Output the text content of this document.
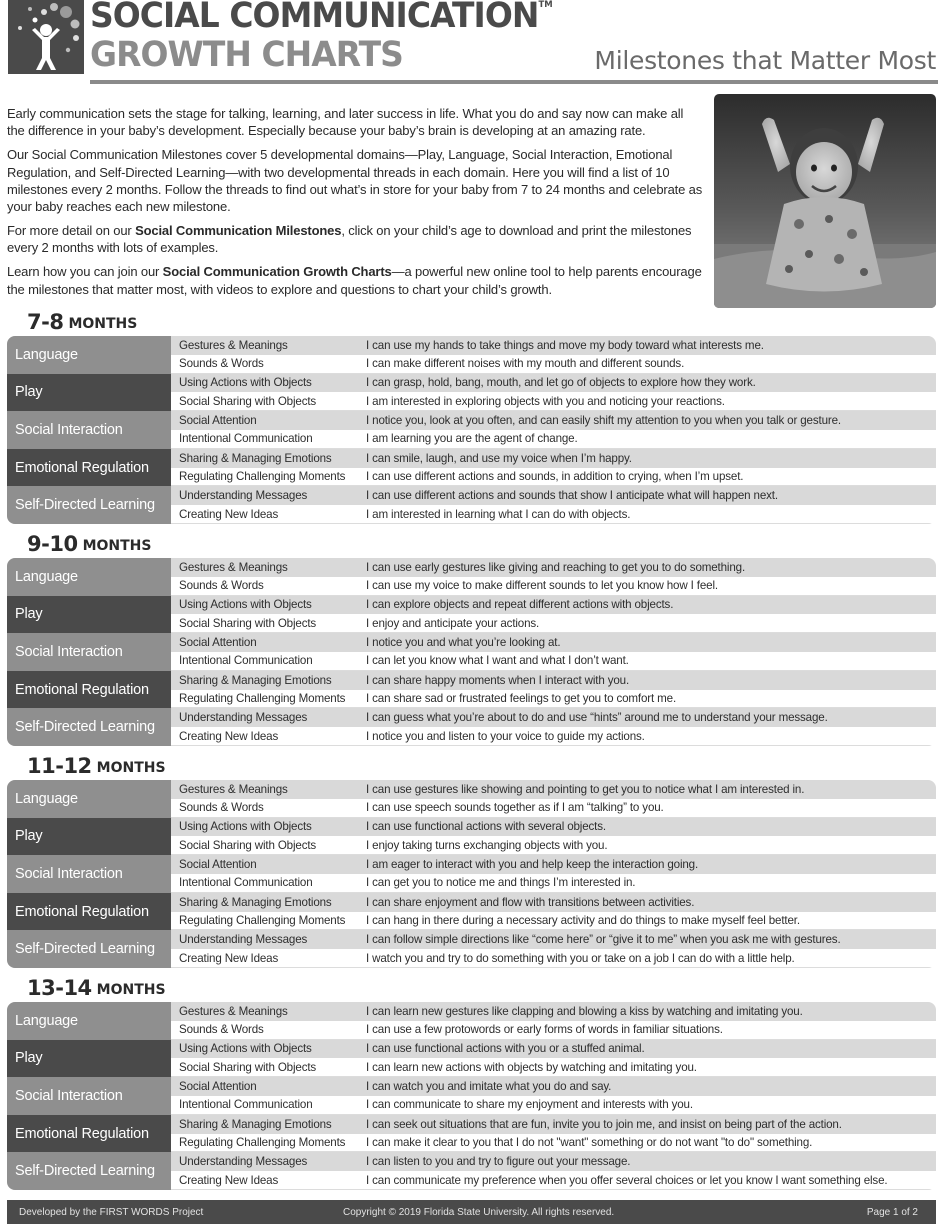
SOCIAL COMMUNICATION™
GROWTH CHARTS	Milestones that Matter Most

Early communication sets the stage for talking, learning, and later success in life. What you do and say now can make all the difference in your baby’s development. Especially because your baby’s brain is developing at an amazing rate.

Our Social Communication Milestones cover 5 developmental domains—Play, Language, Social Interaction, Emotional Regulation, and Self-Directed Learning—with two developmental threads in each domain. Here you will find a list of 10 milestones every 2 months. Follow the threads to find out what’s in store for your baby from 7 to 24 months and celebrate as your baby reaches each new milestone.

For more detail on our Social Communication Milestones, click on your child’s age to download and print the milestones every 2 months with lots of examples.

Learn how you can join our Social Communication Growth Charts—a powerful new online tool to help parents encourage the milestones that matter most, with videos to explore and questions to chart your child’s growth.

7-8 MONTHS
Language
Gestures & Meanings	I can use my hands to take things and move my body toward what interests me.
Sounds & Words	I can make different noises with my mouth and different sounds.
Play
Using Actions with Objects	I can grasp, hold, bang, mouth, and let go of objects to explore how they work.
Social Sharing with Objects	I am interested in exploring objects with you and noticing your reactions.
Social Interaction
Social Attention	I notice you, look at you often, and can easily shift my attention to you when you talk or gesture.
Intentional Communication	I am learning you are the agent of change.
Emotional Regulation
Sharing & Managing Emotions	I can smile, laugh, and use my voice when I’m happy.
Regulating Challenging Moments	I can use different actions and sounds, in addition to crying, when I’m upset.
Self-Directed Learning
Understanding Messages	I can use different actions and sounds that show I anticipate what will happen next.
Creating New Ideas	I am interested in learning what I can do with objects.
9-10 MONTHS
Language
Gestures & Meanings	I can use early gestures like giving and reaching to get you to do something.
Sounds & Words	I can use my voice to make different sounds to let you know how I feel.
Play
Using Actions with Objects	I can explore objects and repeat different actions with objects.
Social Sharing with Objects	I enjoy and anticipate your actions.
Social Interaction
Social Attention	I notice you and what you’re looking at.
Intentional Communication	I can let you know what I want and what I don’t want.
Emotional Regulation
Sharing & Managing Emotions	I can share happy moments when I interact with you.
Regulating Challenging Moments	I can share sad or frustrated feelings to get you to comfort me.
Self-Directed Learning
Understanding Messages	I can guess what you’re about to do and use “hints” around me to understand your message.
Creating New Ideas	I notice you and listen to your voice to guide my actions.
11-12 MONTHS
Language
Gestures & Meanings	I can use gestures like showing and pointing to get you to notice what I am interested in.
Sounds & Words	I can use speech sounds together as if I am “talking” to you.
Play
Using Actions with Objects	I can use functional actions with several objects.
Social Sharing with Objects	I enjoy taking turns exchanging objects with you.
Social Interaction
Social Attention	I am eager to interact with you and help keep the interaction going.
Intentional Communication	I can get you to notice me and things I’m interested in.
Emotional Regulation
Sharing & Managing Emotions	I can share enjoyment and flow with transitions between activities.
Regulating Challenging Moments	I can hang in there during a necessary activity and do things to make myself feel better.
Self-Directed Learning
Understanding Messages	I can follow simple directions like “come here” or “give it to me” when you ask me with gestures.
Creating New Ideas	I watch you and try to do something with you or take on a job I can do with a little help.
13-14 MONTHS
Language
Gestures & Meanings	I can learn new gestures like clapping and blowing a kiss by watching and imitating you.
Sounds & Words	I can use a few protowords or early forms of words in familiar situations.
Play
Using Actions with Objects	I can use functional actions with you or a stuffed animal.
Social Sharing with Objects	I can learn new actions with objects by watching and imitating you.
Social Interaction
Social Attention	I can watch you and imitate what you do and say.
Intentional Communication	I can communicate to share my enjoyment and interests with you.
Emotional Regulation
Sharing & Managing Emotions	I can seek out situations that are fun, invite you to join me, and insist on being part of the action.
Regulating Challenging Moments	I can make it clear to you that I do not "want" something or do not want "to do" something.
Self-Directed Learning
Understanding Messages	I can listen to you and try to figure out your message.
Creating New Ideas	I can communicate my preference when you offer several choices or let you know I want something else.
Developed by the FIRST WORDS Project	Copyright © 2019 Florida State University. All rights reserved.	Page 1 of 2
